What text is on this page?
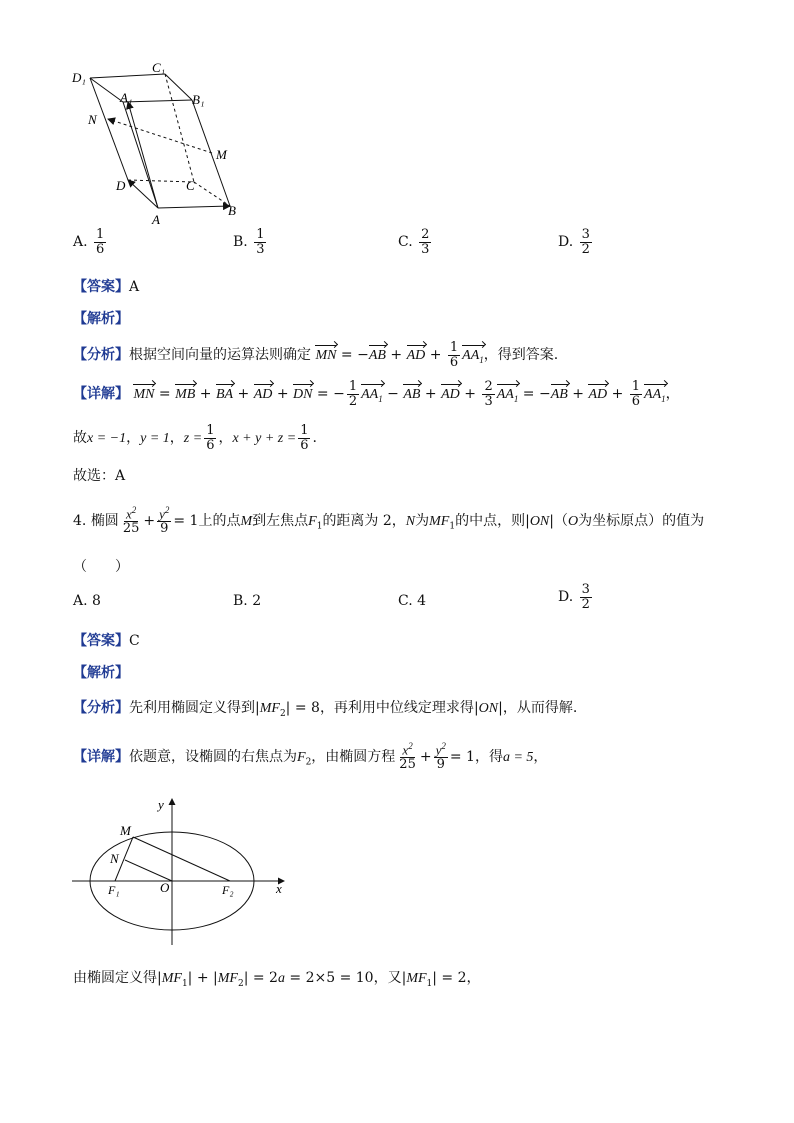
D₁
C₁
A₁	B₁
N
M
D	C
A
B
A. $\frac{1}{6}$	B. $\frac{1}{3}$	C. $\frac{2}{3}$	D. $\frac{3}{2}$
【答案】A
【解析】
【分析】根据空间向量的运算法则确定 MN = −AB + AD + $\frac{1}{6} AA_1$，得到答案.
【详解】 MN = MB + BA + AD + DN = − $\frac{1}{2} AA_1$ − AB + AD + $\frac{2}{3} AA_1 = -AB$ + AD + $\frac{1}{6} AA_1$，
故x = −1，y = 1，$z = \frac{1}{6}$ ，$x + y + z = \frac{1}{6}$ .
故选：A
4. 椭圆 $\frac{x^2}{25} + \frac{y^2}{9} = 1$上的点M到左焦点$F_1$的距离为 2，N为$MF_1$的中点，则|ON|（O为坐标原点）的值为
（　　）
A. 8	B. 2	C. 4	D. $\frac{3}{2}$
【答案】C
【解析】
【分析】先利用椭圆定义得到$|MF_2| = 8$，再利用中位线定理求得|ON|，从而得解.
【详解】依题意，设椭圆的右焦点为$F_2$，由椭圆方程 $\frac{x^2}{25} + \frac{y^2}{9} = 1$，得a = 5，
y
x
M
N
O
F₁	F₂
由椭圆定义得$|MF_1| + |MF_2| = 2a = 2\times 5 = 10$，又$|MF_1| = 2$，
